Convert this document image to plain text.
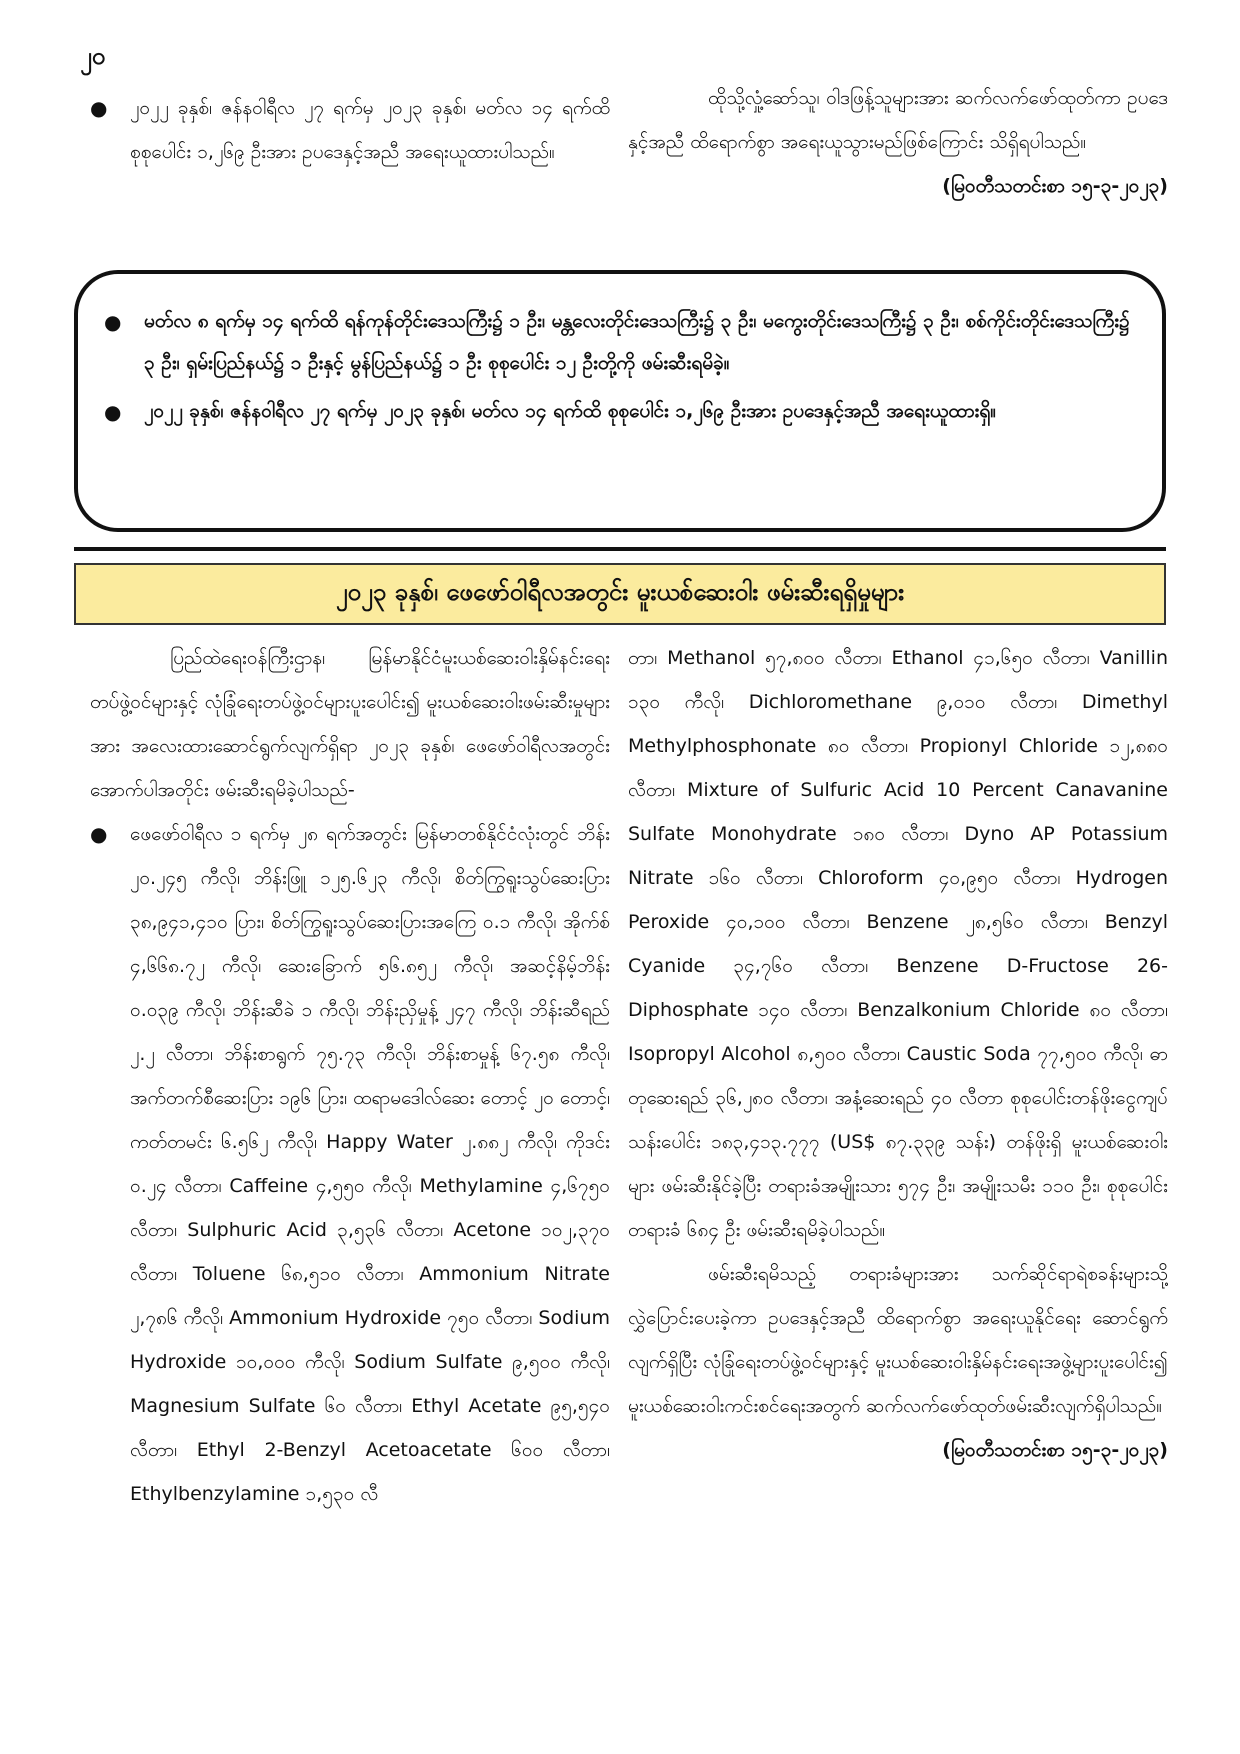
၂၀
●	၂၀၂၂ ခုနှစ်၊ ဇန်နဝါရီလ ၂၇ ရက်မှ ၂၀၂၃ ခုနှစ်၊ မတ်လ ၁၄ ရက်ထိ စုစုပေါင်း ၁,၂၆၉ ဦးအား ဥပဒေနှင့်အညီ အရေးယူထားပါသည်။

ထိုသို့လှုံ့ဆော်သူ၊ ဝါဒဖြန့်သူများအား ဆက်လက်ဖော်ထုတ်ကာ ဥပဒေနှင့်အညီ ထိရောက်စွာ အရေးယူသွားမည်ဖြစ်ကြောင်း သိရှိရပါသည်။

(မြဝတီသတင်းစာ ၁၅-၃-၂၀၂၃)

●	မတ်လ ၈ ရက်မှ ၁၄ ရက်ထိ ရန်ကုန်တိုင်းဒေသကြီး၌ ၁ ဦး၊ မန္တလေးတိုင်းဒေသကြီး၌ ၃ ဦး၊ မကွေးတိုင်းဒေသကြီး၌ ၃ ဦး၊ စစ်ကိုင်းတိုင်းဒေသကြီး၌ ၃ ဦး၊ ရှမ်းပြည်နယ်၌ ၁ ဦးနှင့် မွန်ပြည်နယ်၌ ၁ ဦး စုစုပေါင်း ၁၂ ဦးတို့ကို ဖမ်းဆီးရမိခဲ့။

●	၂၀၂၂ ခုနှစ်၊ ဇန်နဝါရီလ ၂၇ ရက်မှ ၂၀၂၃ ခုနှစ်၊ မတ်လ ၁၄ ရက်ထိ စုစုပေါင်း ၁,၂၆၉ ဦးအား ဥပဒေနှင့်အညီ အရေးယူထားရှိ။

၂၀၂၃ ခုနှစ်၊ ဖေဖော်ဝါရီလအတွင်း မူးယစ်ဆေးဝါး ဖမ်းဆီးရရှိမှုများ

ပြည်ထဲရေးဝန်ကြီးဌာန၊ မြန်မာနိုင်ငံမူးယစ်ဆေးဝါးနှိမ်နင်းရေးတပ်ဖွဲ့ဝင်များနှင့် လုံခြုံရေးတပ်ဖွဲ့ဝင်များပူးပေါင်း၍ မူးယစ်ဆေးဝါးဖမ်းဆီးမှုများအား အလေးထားဆောင်ရွက်လျက်ရှိရာ ၂၀၂၃ ခုနှစ်၊ ဖေဖော်ဝါရီလအတွင်း အောက်ပါအတိုင်း ဖမ်းဆီးရမိခဲ့ပါသည်-

●	ဖေဖော်ဝါရီလ ၁ ရက်မှ ၂၈ ရက်အတွင်း မြန်မာတစ်နိုင်ငံလုံးတွင် ဘိန်း ၂၀.၂၄၅ ကီလို၊ ဘိန်းဖြူ ၁၂၅.၆၂၃ ကီလို၊ စိတ်ကြွရူးသွပ်ဆေးပြား ၃၈,၉၄၁,၄၁၀ ပြား၊ စိတ်ကြွရူးသွပ်ဆေးပြားအကြေ ၀.၁ ကီလို၊ အိုက်စ် ၄,၆၆၈.၇၂ ကီလို၊ ဆေးခြောက် ၅၆.၈၅၂ ကီလို၊ အဆင့်နိမ့်ဘိန်း ၀.၀၃၉ ကီလို၊ ဘိန်းဆီခဲ ၁ ကီလို၊ ဘိန်းညှိမှုန့် ၂၄၇ ကီလို၊ ဘိန်းဆီရည် ၂.၂ လီတာ၊ ဘိန်းစာရွက် ၇၅.၇၃ ကီလို၊ ဘိန်းစာမှုန့် ၆၇.၅၈ ကီလို၊ အက်တက်စီဆေးပြား ၁၉၆ ပြား၊ ထရာမဒေါလ်ဆေး တောင့် ၂၀ တောင့်၊ ကတ်တမင်း ၆.၅၆၂ ကီလို၊ Happy Water ၂.၈၈၂ ကီလို၊ ကိုဒင်း ၀.၂၄ လီတာ၊ Caffeine ၄,၅၅၀ ကီလို၊ Methylamine ၄,၆၇၅၀ လီတာ၊ Sulphuric Acid ၃,၅၃၆ လီတာ၊ Acetone ၁၀၂,၃၇၀ လီတာ၊ Toluene ၆၈,၅၁၀ လီတာ၊ Ammonium Nitrate ၂,၇၈၆ ကီလို၊ Ammonium Hydroxide ၇၅၀ လီတာ၊ Sodium Hydroxide ၁၀,၀၀၀ ကီလို၊ Sodium Sulfate ၉,၅၀၀ ကီလို၊ Magnesium Sulfate ၆၀ လီတာ၊ Ethyl Acetate ၉၅,၅၄၀ လီတာ၊ Ethyl 2-Benzyl Acetoacetate ၆၀၀ လီတာ၊ Ethylbenzylamine ၁,၅၃၀ လီ

တာ၊ Methanol ၅၇,၈၀၀ လီတာ၊ Ethanol ၄၁,၆၅၀ လီတာ၊ Vanillin ၁၃၀ ကီလို၊ Dichloromethane ၉,၀၁၀ လီတာ၊ Dimethyl Methylphosphonate ၈၀ လီတာ၊ Propionyl Chloride ၁၂,၈၈၀ လီတာ၊ Mixture of Sulfuric Acid 10 Percent Canavanine Sulfate Monohydrate ၁၈၀ လီတာ၊ Dyno AP Potassium Nitrate ၁၆၀ လီတာ၊ Chloroform ၄၀,၉၅၀ လီတာ၊ Hydrogen Peroxide ၄၀,၁၀၀ လီတာ၊ Benzene ၂၈,၅၆၀ လီတာ၊ Benzyl Cyanide ၃၄,၇၆၀ လီတာ၊ Benzene D-Fructose 26-Diphosphate ၁၄၀ လီတာ၊ Benzalkonium Chloride ၈၀ လီတာ၊ Isopropyl Alcohol ၈,၅၀၀ လီတာ၊ Caustic Soda ၇၇,၅၀၀ ကီလို၊ ဓာတုဆေးရည် ၃၆,၂၈၀ လီတာ၊ အနံ့ဆေးရည် ၄၀ လီတာ စုစုပေါင်းတန်ဖိုးငွေကျပ်သန်းပေါင်း ၁၈၃,၄၁၃.၇၇၇ (US$ ၈၇.၃၃၉ သန်း) တန်ဖိုးရှိ မူးယစ်ဆေးဝါးများ ဖမ်းဆီးနိုင်ခဲ့ပြီး တရားခံအမျိုးသား ၅၇၄ ဦး၊ အမျိုးသမီး ၁၁၀ ဦး၊ စုစုပေါင်းတရားခံ ၆၈၄ ဦး ဖမ်းဆီးရမိခဲ့ပါသည်။

ဖမ်းဆီးရမိသည့် တရားခံများအား သက်ဆိုင်ရာရဲစခန်းများသို့ လွှဲပြောင်းပေးခဲ့ကာ ဥပဒေနှင့်အညီ ထိရောက်စွာ အရေးယူနိုင်ရေး ဆောင်ရွက်လျက်ရှိပြီး လုံခြုံရေးတပ်ဖွဲ့ဝင်များနှင့် မူးယစ်ဆေးဝါးနှိမ်နင်းရေးအဖွဲ့များပူးပေါင်း၍ မူးယစ်ဆေးဝါးကင်းစင်ရေးအတွက် ဆက်လက်ဖော်ထုတ်ဖမ်းဆီးလျက်ရှိပါသည်။

(မြဝတီသတင်းစာ ၁၅-၃-၂၀၂၃)
